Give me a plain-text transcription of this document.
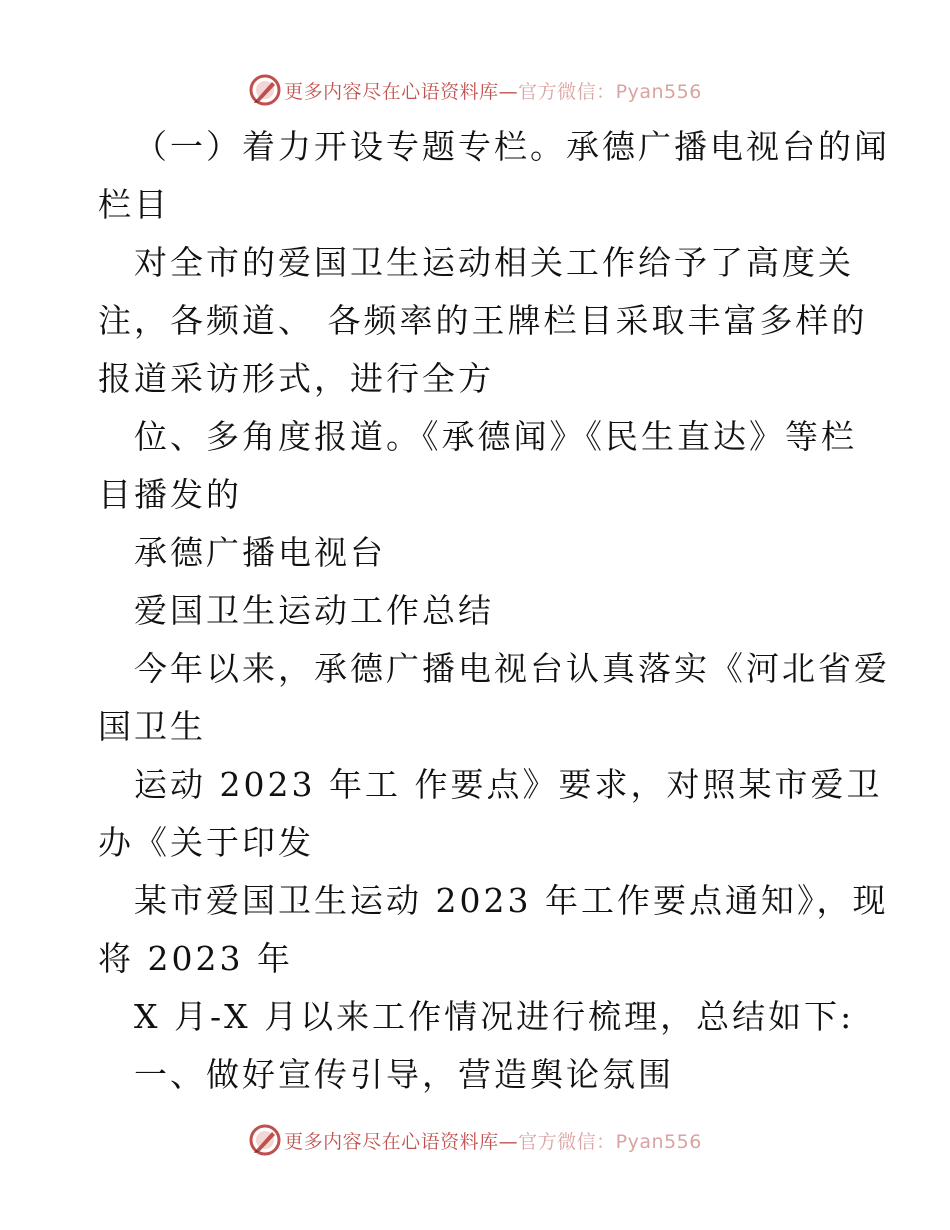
更多内容尽在心语资料库—官方微信：Pyan556
（一）着力开设专题专栏。承德广播电视台的闻
栏目
对全市的爱国卫生运动相关工作给予了高度关
注，各频道、 各频率的王牌栏目采取丰富多样的
报道采访形式，进行全方
位、多角度报道。《承德闻》《民生直达》等栏
目播发的
承德广播电视台
爱国卫生运动工作总结
今年以来，承德广播电视台认真落实《河北省爱
国卫生
运动 2023 年工 作要点》要求，对照某市爱卫
办《关于印发
某市爱国卫生运动 2023 年工作要点通知》，现
将 2023 年
X 月-X 月以来工作情况进行梳理，总结如下:
一、做好宣传引导，营造舆论氛围
更多内容尽在心语资料库—官方微信：Pyan556
